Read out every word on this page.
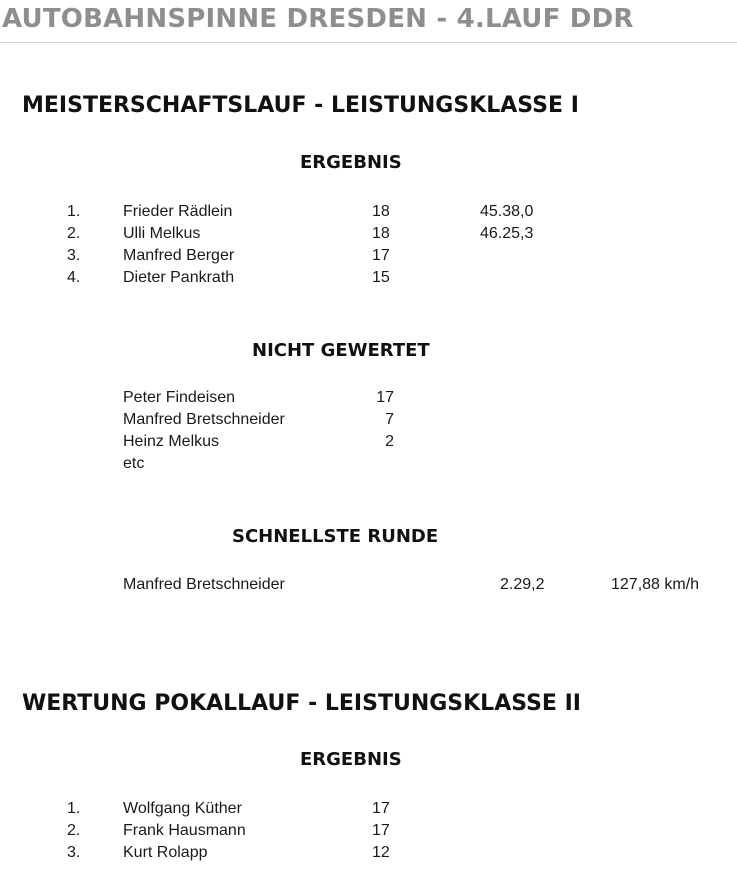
AUTOBAHNSPINNE DRESDEN - 4.LAUF DDR
MEISTERSCHAFTSLAUF - LEISTUNGSKLASSE I
ERGEBNIS
1.	Frieder Rädlein	18	45.38,0
2.	Ulli Melkus	18	46.25,3
3.	Manfred Berger	17
4.	Dieter Pankrath	15
NICHT GEWERTET
Peter Findeisen	17
Manfred Bretschneider	7
Heinz Melkus	2
etc
SCHNELLSTE RUNDE
Manfred Bretschneider	2.29,2	127,88 km/h
WERTUNG POKALLAUF - LEISTUNGSKLASSE II
ERGEBNIS
1.	Wolfgang Küther	17
2.	Frank Hausmann	17
3.	Kurt Rolapp	12
